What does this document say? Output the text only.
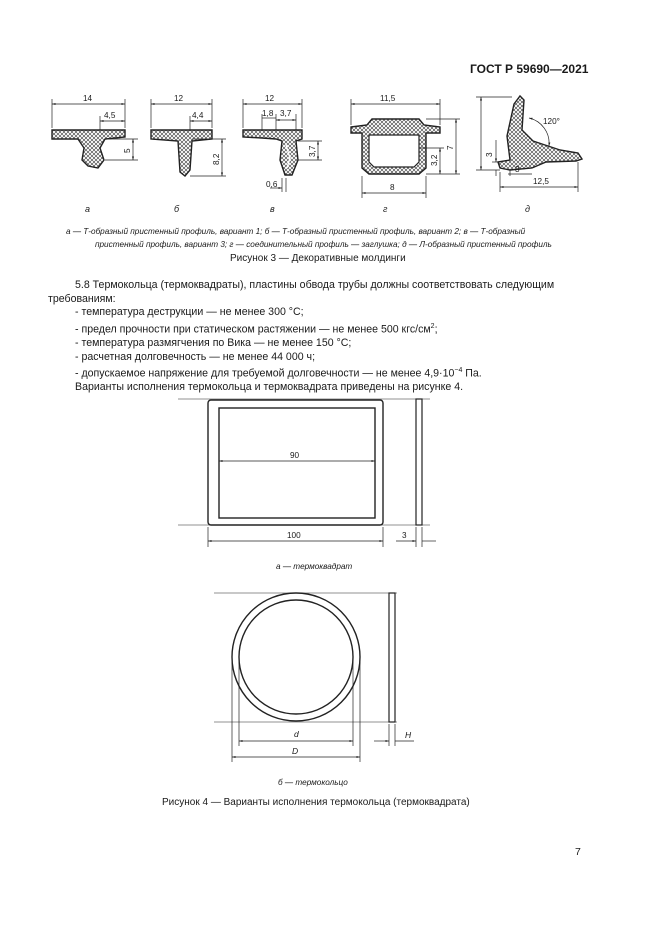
ГОСТ Р 59690—2021
14
4,5
5
12
4,4
8,2
12
1,8 3,7
3,7
0,6
11,5
7
3,2
8
120°
3
3
12,5
а	б	в	г	д
90
100	3
d
D
H
а — Т-образный пристенный профиль, вариант 1; б — Т-образный пристенный профиль, вариант 2; в — Т-образный
пристенный профиль, вариант 3; г — соединительный профиль — заглушка; д — Л-образный пристенный профиль
Рисунок 3 — Декоративные молдинги
5.8 Термокольца (термоквадраты), пластины обвода трубы должны соответствовать следующим
требованиям:
- температура деструкции — не менее 300 °С;
- предел прочности при статическом растяжении — не менее 500 кгс/$см^2$;
- температура размягчения по Вика — не менее 150 °С;
- расчетная долговечность — не менее 44 000 ч;
- допускаемое напряжение для требуемой долговечности — не менее $4,9\cdot 10^{-4}$ Па.
Варианты исполнения термокольца и термоквадрата приведены на рисунке 4.
а — термоквадрат
б — термокольцо
Рисунок 4 — Варианты исполнения термокольца (термоквадрата)
7
